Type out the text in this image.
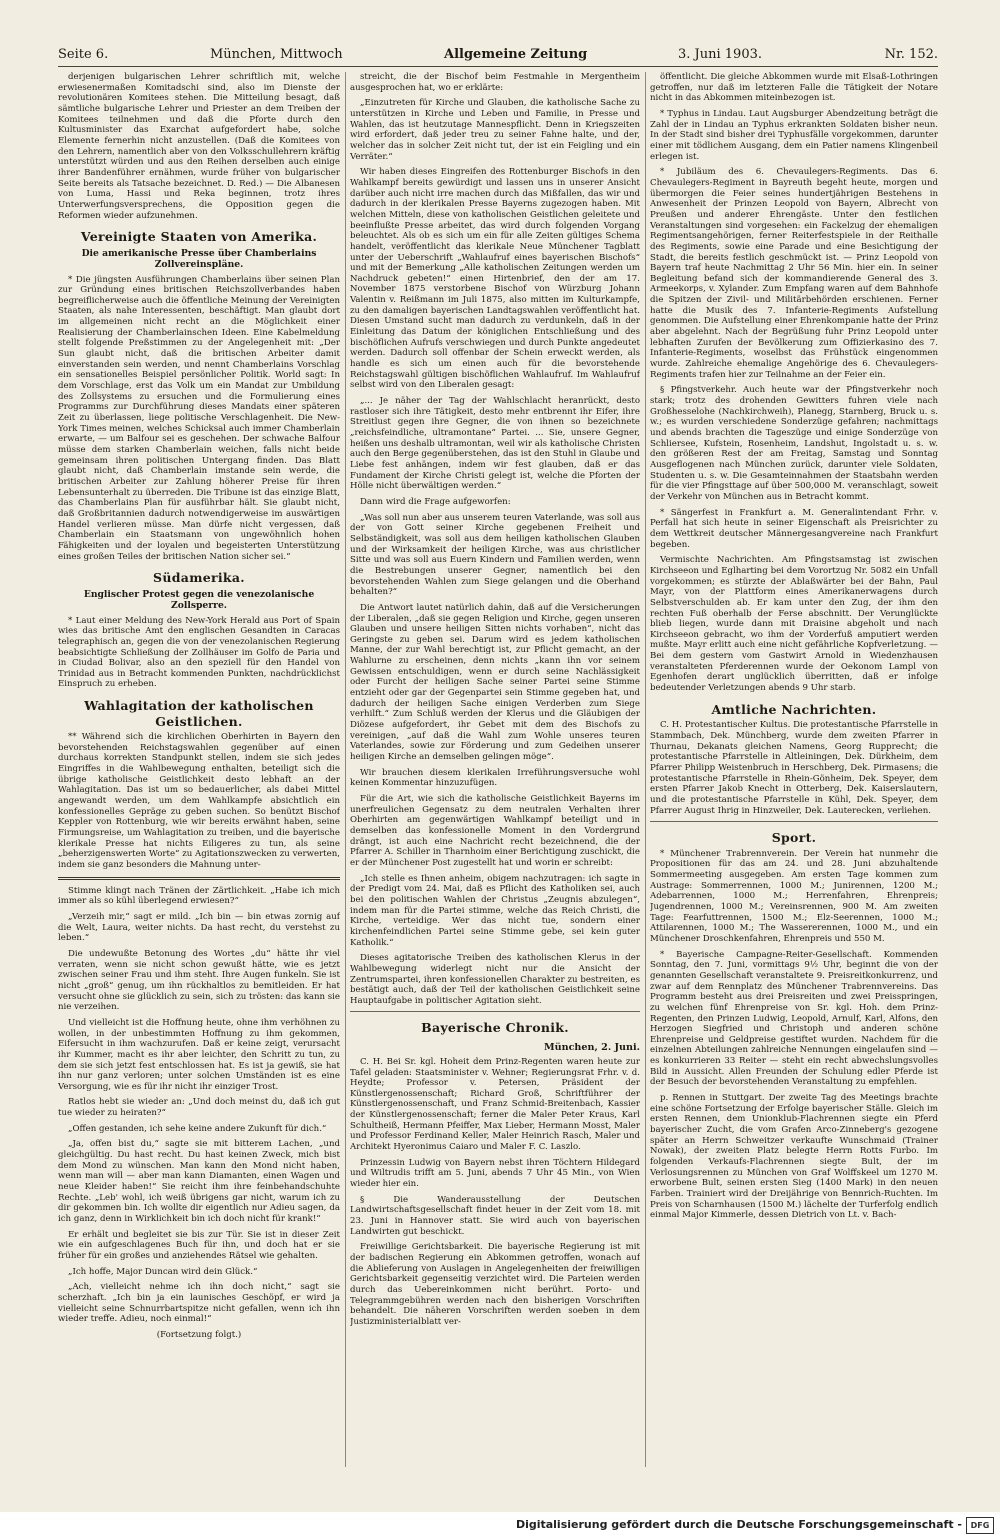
Seite 6.	München, Mittwoch	Allgemeine Zeitung	3. Juni 1903.	Nr. 152.

derjenigen bulgarischen Lehrer schriftlich mit, welche erwiesenermaßen Komitadschi sind, also im Dienste der revolutionären Komitees stehen. Die Mitteilung besagt, daß sämtliche bulgarische Lehrer und Priester an dem Treiben der Komitees teilnehmen und daß die Pforte durch den Kultusminister das Exarchat aufgefordert habe, solche Elemente fernerhin nicht anzustellen. (Daß die Komitees von den Lehrern, namentlich aber von den Volksschullehrern kräftig unterstützt würden und aus den Reihen derselben auch einige ihrer Bandenführer ernähmen, wurde früher von bulgarischer Seite bereits als Tatsache bezeichnet. D. Red.) — Die Albanesen von Luma, Hassi und Reka beginnen, trotz ihres Unterwerfungsversprechens, die Opposition gegen die Reformen wieder aufzunehmen.

Vereinigte Staaten von Amerika.
Die amerikanische Presse über Chamberlains Zollvereinspläne.

* Die jüngsten Ausführungen Chamberlains über seinen Plan zur Gründung eines britischen Reichszollverbandes haben begreiflicherweise auch die öffentliche Meinung der Vereinigten Staaten, als nahe Interessenten, beschäftigt. Man glaubt dort im allgemeinen nicht recht an die Möglichkeit einer Realisierung der Chamberlainschen Ideen. Eine Kabelmeldung stellt folgende Preßstimmen zu der Angelegenheit mit: „Der Sun glaubt nicht, daß die britischen Arbeiter damit einverstanden sein werden, und nennt Chamberlains Vorschlag ein sensationelles Beispiel persönlicher Politik. World sagt: In dem Vorschlage, erst das Volk um ein Mandat zur Umbildung des Zollsystems zu ersuchen und die Formulierung eines Programms zur Durchführung dieses Mandats einer späteren Zeit zu überlassen, liege politische Verschlagenheit. Die New-York Times meinen, welches Schicksal auch immer Chamberlain erwarte, — um Balfour sei es geschehen. Der schwache Balfour müsse dem starken Chamberlain weichen, falls nicht beide gemeinsam ihren politischen Untergang finden. Das Blatt glaubt nicht, daß Chamberlain imstande sein werde, die britischen Arbeiter zur Zahlung höherer Preise für ihren Lebensunterhalt zu überreden. Die Tribune ist das einzige Blatt, das Chamberlains Plan für ausführbar hält. Sie glaubt nicht, daß Großbritannien dadurch notwendigerweise im auswärtigen Handel verlieren müsse. Man dürfe nicht vergessen, daß Chamberlain ein Staatsmann von ungewöhnlich hohen Fähigkeiten und der loyalen und begeisterten Unterstützung eines großen Teiles der britischen Nation sicher sei.“

Südamerika.
Englischer Protest gegen die venezolanische Zollsperre.

* Laut einer Meldung des New-York Herald aus Port of Spain wies das britische Amt den englischen Gesandten in Caracas telegraphisch an, gegen die von der venezolanischen Regierung beabsichtigte Schließung der Zollhäuser im Golfo de Paria und in Ciudad Bolivar, also an den speziell für den Handel von Trinidad aus in Betracht kommenden Punkten, nachdrücklichst Einspruch zu erheben.

Wahlagitation der katholischen Geistlichen.

** Während sich die kirchlichen Oberhirten in Bayern den bevorstehenden Reichstagswahlen gegenüber auf einen durchaus korrekten Standpunkt stellen, indem sie sich jedes Eingriffes in die Wahlbewegung enthalten, beteiligt sich die übrige katholische Geistlichkeit desto lebhaft an der Wahlagitation. Das ist um so bedauerlicher, als dabei Mittel angewandt werden, um dem Wahlkampfe absichtlich ein konfessionelles Gepräge zu geben suchen. So benützt Bischof Keppler von Rottenburg, wie wir bereits erwähnt haben, seine Firmungsreise, um Wahlagitation zu treiben, und die bayerische klerikale Presse hat nichts Eiligeres zu tun, als seine „beherzigenswerten Worte“ zu Agitationszwecken zu verwerten, indem sie ganz besonders die Mahnung unter-

Stimme klingt nach Tränen der Zärtlichkeit. „Habe ich mich immer als so kühl überlegend erwiesen?“

„Verzeih mir,“ sagt er mild. „Ich bin — bin etwas zornig auf die Welt, Laura, weiter nichts. Da hast recht, du verstehst zu leben.“

Die undewußte Betonung des Wortes „du“ hätte ihr viel verraten, wenn sie nicht schon gewußt hätte, wie es jetzt zwischen seiner Frau und ihm steht. Ihre Augen funkeln. Sie ist nicht „groß“ genug, um ihn rückhaltlos zu bemitleiden. Er hat versucht ohne sie glücklich zu sein, sich zu trösten: das kann sie nie verzeihen.

Und vielleicht ist die Hoffnung heute, ohne ihm verhöhnen zu wollen, in der unbestimmten Hoffnung zu ihm gekommen, Eifersucht in ihm wachzurufen. Daß er keine zeigt, verursacht ihr Kummer, macht es ihr aber leichter, den Schritt zu tun, zu dem sie sich jetzt fest entschlossen hat. Es ist ja gewiß, sie hat ihn nur ganz verloren; unter solchen Umständen ist es eine Versorgung, wie es für ihr nicht ihr einziger Trost.

Ratlos hebt sie wieder an: „Und doch meinst du, daß ich gut tue wieder zu heiraten?“

„Offen gestanden, ich sehe keine andere Zukunft für dich.“

„Ja, offen bist du,“ sagte sie mit bitterem Lachen, „und gleichgültig. Du hast recht. Du hast keinen Zweck, mich bist dem Mond zu wünschen. Man kann den Mond nicht haben, wenn man will — aber man kann Diamanten, einen Wagen und neue Kleider haben!“ Sie reicht ihm ihre feinbehandschuhte Rechte. „Leb' wohl, ich weiß übrigens gar nicht, warum ich zu dir gekommen bin. Ich wollte dir eigentlich nur Adieu sagen, da ich ganz, denn in Wirklichkeit bin ich doch nicht für krank!“

Er erhält und begleitet sie bis zur Tür. Sie ist in dieser Zeit wie ein aufgeschlagenes Buch für ihn, und doch hat er sie früher für ein großes und anziehendes Rätsel wie gehalten.

„Ich hoffe, Major Duncan wird dein Glück.“

„Ach, vielleicht nehme ich ihn doch nicht,“ sagt sie scherzhaft. „Ich bin ja ein launisches Geschöpf, er wird ja vielleicht seine Schnurrbartspitze nicht gefallen, wenn ich ihn wieder treffe. Adieu, noch einmal!“

(Fortsetzung folgt.)

streicht, die der Bischof beim Festmahle in Mergentheim ausgesprochen hat, wo er erklärte:

„Einzutreten für Kirche und Glauben, die katholische Sache zu unterstützen in Kirche und Leben und Familie, in Presse und Wahlen, das ist heutzutage Mannespflicht. Denn in Kriegszeiten wird erfordert, daß jeder treu zu seiner Fahne halte, und der, welcher das in solcher Zeit nicht tut, der ist ein Feigling und ein Verräter.“

Wir haben dieses Eingreifen des Rottenburger Bischofs in den Wahlkampf bereits gewürdigt und lassen uns in unserer Ansicht darüber auch nicht irre machen durch das Mißfallen, das wir und dadurch in der klerikalen Presse Bayerns zugezogen haben. Mit welchen Mitteln, diese von katholischen Geistlichen geleitete und beeinflußte Presse arbeitet, das wird durch folgenden Vorgang beleuchtet. Als ob es sich um ein für alle Zeiten gültiges Schema handelt, veröffentlicht das klerikale Neue Münchener Tagblatt unter der Ueberschrift „Wahlaufruf eines bayerischen Bischofs“ und mit der Bemerkung „Alle katholischen Zeitungen werden um Nachdruck gebeten!“ einen Hirtenbrief, den der am 17. November 1875 verstorbene Bischof von Würzburg Johann Valentin v. Reißmann im Juli 1875, also mitten im Kulturkampfe, zu den damaligen bayerischen Landtagswahlen veröffentlicht hat. Diesen Umstand sucht man dadurch zu verdunkeln, daß in der Einleitung das Datum der königlichen Entschließung und des bischöflichen Aufrufs verschwiegen und durch Punkte angedeutet werden. Dadurch soll offenbar der Schein erweckt werden, als handle es sich um einen auch für die bevorstehende Reichstagswahl gültigen bischöflichen Wahlaufruf. Im Wahlaufruf selbst wird von den Liberalen gesagt:

„... Je näher der Tag der Wahlschlacht heranrückt, desto rastloser sich ihre Tätigkeit, desto mehr entbrennt ihr Eifer, ihre Streitlust gegen ihre Gegner, die von ihnen so bezeichnete „reichsfeindliche, ultramontane“ Partei. ... Sie, unsere Gegner, heißen uns deshalb ultramontan, weil wir als katholische Christen auch den Berge gegenüberstehen, das ist den Stuhl in Glaube und Liebe fest anhängen, indem wir fest glauben, daß er das Fundament der Kirche Christi gelegt ist, welche die Pforten der Hölle nicht überwältigen werden.“

Dann wird die Frage aufgeworfen:

„Was soll nun aber aus unserem teuren Vaterlande, was soll aus der von Gott seiner Kirche gegebenen Freiheit und Selbständigkeit, was soll aus dem heiligen katholischen Glauben und der Wirksamkeit der heiligen Kirche, was aus christlicher Sitte und was soll aus Euern Kindern und Familien werden, wenn die Bestrebungen unserer Gegner, namentlich bei den bevorstehenden Wahlen zum Siege gelangen und die Oberhand behalten?“

Die Antwort lautet natürlich dahin, daß auf die Versicherungen der Liberalen, „daß sie gegen Religion und Kirche, gegen unseren Glauben und unsere heiligen Sitten nichts vorhaben“, nicht das Geringste zu geben sei. Darum wird es jedem katholischen Manne, der zur Wahl berechtigt ist, zur Pflicht gemacht, an der Wahlurne zu erscheinen, denn nichts „kann ihn vor seinem Gewissen entschuldigen, wenn er durch seine Nachlässigkeit oder Furcht der heiligen Sache seiner Partei seine Stimme entzieht oder gar der Gegenpartei sein Stimme gegeben hat, und dadurch der heiligen Sache einigen Verderben zum Siege verhilft.“ Zum Schluß werden der Klerus und die Gläubigen der Diözese aufgefordert, ihr Gebet mit dem des Bischofs zu vereinigen, „auf daß die Wahl zum Wohle unseres teuren Vaterlandes, sowie zur Förderung und zum Gedeihen unserer heiligen Kirche an demselben gelingen möge“.

Wir brauchen diesem klerikalen Irreführungsversuche wohl keinen Kommentar hinzuzufügen.

Für die Art, wie sich die katholische Geistlichkeit Bayerns im unerfreulichen Gegensatz zu dem neutralen Verhalten ihrer Oberhirten am gegenwärtigen Wahlkampf beteiligt und in demselben das konfessionelle Moment in den Vordergrund drängt, ist auch eine Nachricht recht bezeichnend, die der Pfarrer A. Schiller in Tharnhoim einer Berichtigung zuschickt, die er der Münchener Post zugestellt hat und worin er schreibt:

„Ich stelle es Ihnen anheim, obigem nachzutragen: ich sagte in der Predigt vom 24. Mai, daß es Pflicht des Katholiken sei, auch bei den politischen Wahlen der Christus „Zeugnis abzulegen“, indem man für die Partei stimme, welche das Reich Christi, die Kirche, verteidige. Wer das nicht tue, sondern einer kirchenfeindlichen Partei seine Stimme gebe, sei kein guter Katholik.“

Dieses agitatorische Treiben des katholischen Klerus in der Wahlbewegung widerlegt nicht nur die Ansicht der Zentrumspartei, ihren konfessionellen Charakter zu bestreiten, es bestätigt auch, daß der Teil der katholischen Geistlichkeit seine Hauptaufgabe in politischer Agitation sieht.

Bayerische Chronik.
München, 2. Juni.

C. H. Bei Sr. kgl. Hoheit dem Prinz-Regenten waren heute zur Tafel geladen: Staatsminister v. Wehner; Regierungsrat Frhr. v. d. Heydte; Professor v. Petersen, Präsident der Künstlergenossenschaft; Richard Groß, Schriftführer der Künstlergenossenschaft, und Franz Schmid-Breitenbach, Kassier der Künstlergenossenschaft; ferner die Maler Peter Kraus, Karl Schultheiß, Hermann Pfeiffer, Max Lieber, Hermann Mosst, Maler und Professor Ferdinand Keller, Maler Heinrich Rasch, Maler und Architekt Hyeronimus Caiaro und Maler F. C. Laszlo.

Prinzessin Ludwig von Bayern nebst ihren Töchtern Hildegard und Wiltrudis trifft am 5. Juni, abends 7 Uhr 45 Min., von Wien wieder hier ein.

§ Die Wanderausstellung der Deutschen Landwirtschaftsgesellschaft findet heuer in der Zeit vom 18. mit 23. Juni in Hannover statt. Sie wird auch von bayerischen Landwirten gut beschickt.

Freiwillige Gerichtsbarkeit. Die bayerische Regierung ist mit der badischen Regierung ein Abkommen getroffen, wonach auf die Ablieferung von Auslagen in Angelegenheiten der freiwilligen Gerichtsbarkeit gegenseitig verzichtet wird. Die Parteien werden durch das Uebereinkommen nicht berührt. Porto- und Telegrammgebühren werden nach den bisherigen Vorschriften behandelt. Die näheren Vorschriften werden soeben in dem Justizministerialblatt ver-

öffentlicht. Die gleiche Abkommen wurde mit Elsaß-Lothringen getroffen, nur daß im letzteren Falle die Tätigkeit der Notare nicht in das Abkommen miteinbezogen ist.

* Typhus in Lindau. Laut Augsburger Abendzeitung beträgt die Zahl der in Lindau an Typhus erkrankten Soldaten bisher neun. In der Stadt sind bisher drei Typhusfälle vorgekommen, darunter einer mit tödlichem Ausgang, dem ein Patier namens Klingenbeil erlegen ist.

* Jubiläum des 6. Chevaulegers-Regiments. Das 6. Chevaulegers-Regiment in Bayreuth begeht heute, morgen und übermorgen die Feier seines hundertjährigen Bestehens in Anwesenheit der Prinzen Leopold von Bayern, Albrecht von Preußen und anderer Ehrengäste. Unter den festlichen Veranstaltungen sind vorgesehen: ein Fackelzug der ehemaligen Regimentsangehörigen, ferner Reiterfestspiele in der Reithalle des Regiments, sowie eine Parade und eine Besichtigung der Stadt, die bereits festlich geschmückt ist. — Prinz Leopold von Bayern traf heute Nachmittag 2 Uhr 56 Min. hier ein. In seiner Begleitung befand sich der kommandierende General des 3. Armeekorps, v. Xylander. Zum Empfang waren auf dem Bahnhofe die Spitzen der Zivil- und Militärbehörden erschienen. Ferner hatte die Musik des 7. Infanterie-Regiments Aufstellung genommen. Die Aufstellung einer Ehrenkompanie hatte der Prinz aber abgelehnt. Nach der Begrüßung fuhr Prinz Leopold unter lebhaften Zurufen der Bevölkerung zum Offizierkasino des 7. Infanterie-Regiments, woselbst das Frühstück eingenommen wurde. Zahlreiche ehemalige Angehörige des 6. Chevaulegers-Regiments trafen hier zur Teilnahme an der Feier ein.

§ Pfingstverkehr. Auch heute war der Pfingstverkehr noch stark; trotz des drohenden Gewitters fuhren viele nach Großhesselohe (Nachkirchweih), Planegg, Starnberg, Bruck u. s. w.; es wurden verschiedene Sonderzüge gefahren; nachmittags und abends brachten die Tageszüge und einige Sonderzüge von Schliersee, Kufstein, Rosenheim, Landshut, Ingolstadt u. s. w. den größeren Rest der am Freitag, Samstag und Sonntag Ausgeflogenen nach München zurück, darunter viele Soldaten, Studenten u. s. w. Die Gesamteinnahmen der Staatsbahn werden für die vier Pfingsttage auf über 500,000 M. veranschlagt, soweit der Verkehr von München aus in Betracht kommt.

* Sängerfest in Frankfurt a. M. Generalintendant Frhr. v. Perfall hat sich heute in seiner Eigenschaft als Preisrichter zu dem Wettkreit deutscher Männergesangvereine nach Frankfurt begeben.

Vermischte Nachrichten. Am Pfingstsamstag ist zwischen Kirchseeon und Eglharting bei dem Vorortzug Nr. 5082 ein Unfall vorgekommen; es stürzte der Ablaßwärter bei der Bahn, Paul Mayr, von der Plattform eines Amerikanerwagens durch Selbstverschulden ab. Er kam unter den Zug, der ihm den rechten Fuß oberhalb der Ferse abschnitt. Der Verunglückte blieb liegen, wurde dann mit Draisine abgeholt und nach Kirchseeon gebracht, wo ihm der Vorderfuß amputiert werden mußte. Mayr erlitt auch eine nicht gefährliche Kopfverletzung. — Bei dem gestern vom Gastwirt Arnold in Wiedenzhausen veranstalteten Pferderennen wurde der Oekonom Lampl von Egenhofen derart unglücklich überritten, daß er infolge bedeutender Verletzungen abends 9 Uhr starb.

Amtliche Nachrichten.

C. H. Protestantischer Kultus. Die protestantische Pfarrstelle in Stammbach, Dek. Münchberg, wurde dem zweiten Pfarrer in Thurnau, Dekanats gleichen Namens, Georg Rupprecht; die protestantische Pfarrstelle in Altleiningen, Dek. Dürkheim, dem Pfarrer Philipp Weistenbruch in Herschberg, Dek. Pirmasens; die protestantische Pfarrstelle in Rhein-Gönheim, Dek. Speyer, dem ersten Pfarrer Jakob Knecht in Otterberg, Dek. Kaiserslautern, und die protestantische Pfarrstelle in Kühl, Dek. Speyer, dem Pfarrer August Ihrig in Hinzweiler, Dek. Lauterecken, verliehen.

Sport.

* Münchener Trabrennverein. Der Verein hat nunmehr die Propositionen für das am 24. und 28. Juni abzuhaltende Sommermeeting ausgegeben. Am ersten Tage kommen zum Austrage: Sommerrennen, 1000 M.; Junirennen, 1200 M.; Adebarrennen, 1000 M.; Herrenfahren, Ehrenpreis; Jugendrennen, 1000 M.; Vereinsrennen, 900 M. Am zweiten Tage: Fearfuttrennen, 1500 M.; Elz-Seerennen, 1000 M.; Attilarennen, 1000 M.; The Wassererennen, 1000 M., und ein Münchener Droschkenfahren, Ehrenpreis und 550 M.

* Bayerische Campagne-Reiter-Gesellschaft. Kommenden Sonntag, den 7. Juni, vormittags 9½ Uhr, beginnt die von der genannten Gesellschaft veranstaltete 9. Preisreitkonkurrenz, und zwar auf dem Rennplatz des Münchener Trabrennvereins. Das Programm besteht aus drei Preisreiten und zwei Preisspringen, zu welchen fünf Ehrenpreise von Sr. kgl. Hoh. dem Prinz-Regenten, den Prinzen Ludwig, Leopold, Arnulf, Karl, Alfons, den Herzogen Siegfried und Christoph und anderen schöne Ehrenpreise und Geldpreise gestiftet wurden. Nachdem für die einzelnen Abteilungen zahlreiche Nennungen eingelaufen sind — es konkurrieren 33 Reiter — steht ein recht abwechslungsvolles Bild in Aussicht. Allen Freunden der Schulung edler Pferde ist der Besuch der bevorstehenden Veranstaltung zu empfehlen.

p. Rennen in Stuttgart. Der zweite Tag des Meetings brachte eine schöne Fortsetzung der Erfolge bayerischer Ställe. Gleich im ersten Rennen, dem Unionklub-Flachrennen siegte ein Pferd bayerischer Zucht, die vom Grafen Arco-Zinneberg's gezogene später an Herrn Schweitzer verkaufte Wunschmaid (Trainer Nowak), der zweiten Platz belegte Herrn Rotts Furbo. Im folgenden Verkaufs-Flachrennen siegte Bult, der im Verlosungsrennen zu München von Graf Wolffskeel um 1270 M. erworbene Bult, seinen ersten Sieg (1400 Mark) in den neuen Farben. Trainiert wird der Dreijährige von Bennrich-Ruchten. Im Preis von Scharnhausen (1500 M.) lächelte der Turferfolg endlich einmal Major Kimmerle, dessen Dietrich von Lt. v. Bach-

Digitalisierung gefördert durch die Deutsche Forschungsgemeinschaft -	DFG
